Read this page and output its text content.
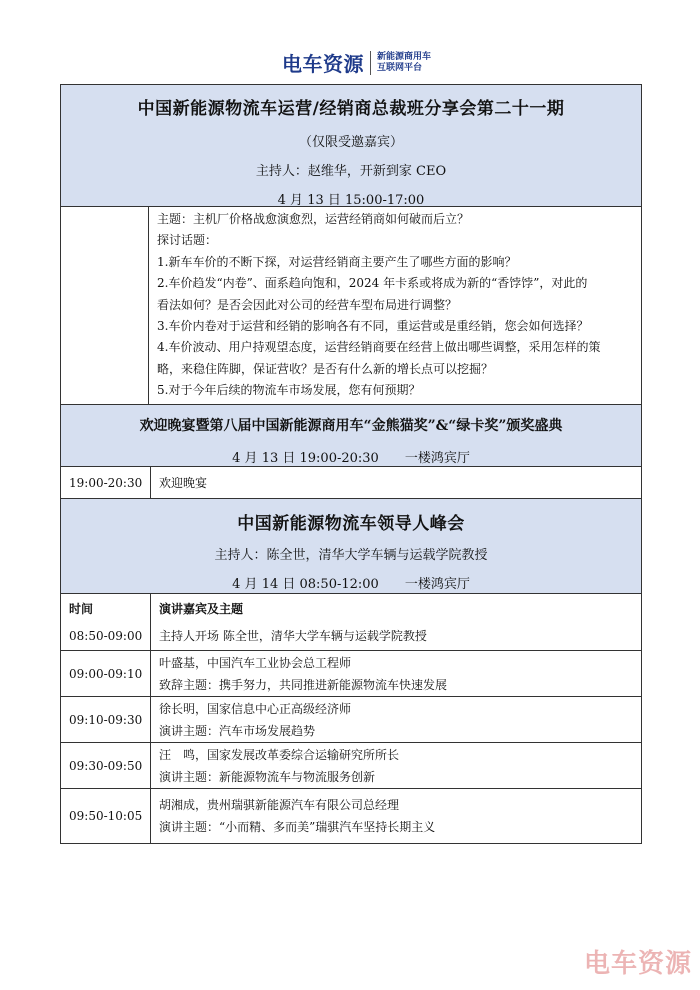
电车资源 新能源商用车
互联网平台
中国新能源物流车运营/经销商总裁班分享会第二十一期
（仅限受邀嘉宾）
主持人：赵维华，开新到家 CEO
4 月 13 日 15:00-17:00
主题：主机厂价格战愈演愈烈，运营经销商如何破而后立？
探讨话题：
1.新车车价的不断下探，对运营经销商主要产生了哪些方面的影响？
2.车价趋发“内卷”、面系趋向饱和，2024 年卡系或将成为新的“香饽饽”，对此的
看法如何？是否会因此对公司的经营车型布局进行调整？
3.车价内卷对于运营和经销的影响各有不同，重运营或是重经销，您会如何选择？
4.车价波动、用户持观望态度，运营经销商要在经营上做出哪些调整，采用怎样的策
略，来稳住阵脚，保证营收？是否有什么新的增长点可以挖掘？
5.对于今年后续的物流车市场发展，您有何预期？
欢迎晚宴暨第八届中国新能源商用车“金熊猫奖”&“绿卡奖”颁奖盛典
4 月 13 日 19:00-20:30　　一楼鸿宾厅
19:00-20:30	欢迎晚宴
中国新能源物流车领导人峰会
主持人：陈全世，清华大学车辆与运载学院教授
4 月 14 日 08:50-12:00　　一楼鸿宾厅
时间	演讲嘉宾及主题
08:50-09:00	主持人开场 陈全世，清华大学车辆与运载学院教授
09:00-09:10
叶盛基，中国汽车工业协会总工程师
致辞主题：携手努力，共同推进新能源物流车快速发展
09:10-09:30
徐长明，国家信息中心正高级经济师
演讲主题：汽车市场发展趋势
09:30-09:50
汪　鸣，国家发展改革委综合运输研究所所长
演讲主题：新能源物流车与物流服务创新
09:50-10:05
胡湘成，贵州瑞骐新能源汽车有限公司总经理
演讲主题：“小而精、多而美”瑞骐汽车坚持长期主义
电车资源
